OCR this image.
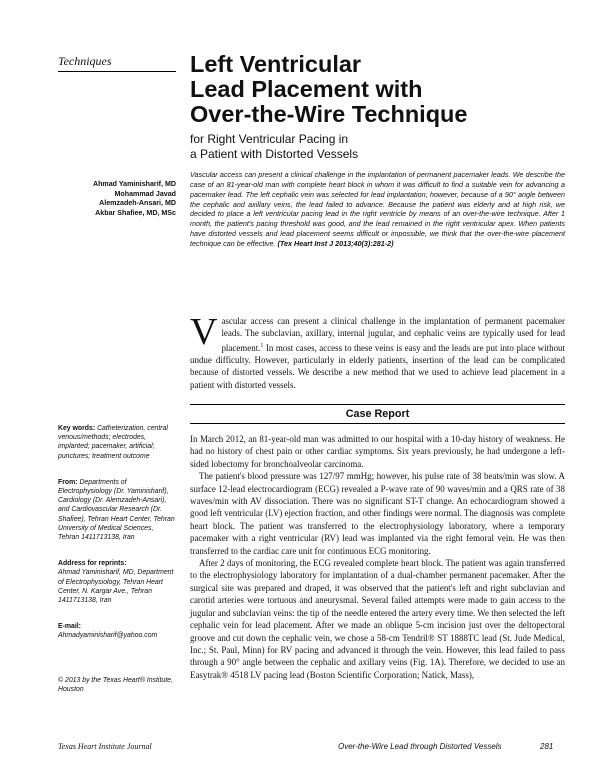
Techniques	Left Ventricular
Lead Placement with
Over-the-Wire Technique
for Right Ventricular Pacing in
a Patient with Distorted Vessels
Ahmad Yaminisharif, MD
Mohammad Javad
Alemzadeh-Ansari, MD
Akbar Shafiee, MD, MSc
Vascular access can present a clinical challenge in the implantation of permanent pacemaker leads. We describe the case of an 81-year-old man with complete heart block in whom it was difficult to find a suitable vein for advancing a pacemaker lead. The left cephalic vein was selected for lead implantation; however, because of a 90° angle between the cephalic and axillary veins, the lead failed to advance. Because the patient was elderly and at high risk, we decided to place a left ventricular pacing lead in the right ventricle by means of an over-the-wire technique. After 1 month, the patient's pacing threshold was good, and the lead remained in the right ventricular apex. When patients have distorted vessels and lead placement seems difficult or impossible, we think that the over-the-wire placement technique can be effective. (Tex Heart Inst J 2013;40(3):281-2)
Vascular access can present a clinical challenge in the implantation of permanent pacemaker leads. The subclavian, axillary, internal jugular, and cephalic veins are typically used for lead placement.$^1$ In most cases, access to these veins is easy and the leads are put into place without undue difficulty. However, particularly in elderly patients, insertion of the lead can be complicated because of distorted vessels. We describe a new method that we used to achieve lead placement in a patient with distorted vessels.
Key words: Catheterization, central venous/methods; electrodes, implanted; pacemaker, artificial; punctures; treatment outcome
From: Departments of Electrophysiology (Dr. Yaminisharif), Cardiology (Dr. Alemzadeh-Ansari), and Cardiovascular Research (Dr. Shafiee), Tehran Heart Center, Tehran University of Medical Sciences, Tehran 1411713138, Iran
Address for reprints:
Ahmad Yaminisharif, MD, Department of Electrophysiology, Tehran Heart Center, N. Kargar Ave., Tehran 1411713138, Iran
E-mail:
Ahmadyaminisharif@yahoo.com
© 2013 by the Texas Heart® Institute, Houston
Case Report

In March 2012, an 81-year-old man was admitted to our hospital with a 10-day history of weakness. He had no history of chest pain or other cardiac symptoms. Six years previously, he had undergone a left-sided lobectomy for bronchoalveolar carcinoma.

The patient's blood pressure was 127/97 mmHg; however, his pulse rate of 38 beats/min was slow. A surface 12-lead electrocardiogram (ECG) revealed a P-wave rate of 90 waves/min and a QRS rate of 38 waves/min with AV dissociation. There was no significant ST-T change. An echocardiogram showed a good left ventricular (LV) ejection fraction, and other findings were normal. The diagnosis was complete heart block. The patient was transferred to the electrophysiology laboratory, where a temporary pacemaker with a right ventricular (RV) lead was implanted via the right femoral vein. He was then transferred to the cardiac care unit for continuous ECG monitoring.

After 2 days of monitoring, the ECG revealed complete heart block. The patient was again transferred to the electrophysiology laboratory for implantation of a dual-chamber permanent pacemaker. After the surgical site was prepared and draped, it was observed that the patient's left and right subclavian and carotid arteries were tortuous and aneurysmal. Several failed attempts were made to gain access to the jugular and subclavian veins: the tip of the needle entered the artery every time. We then selected the left cephalic vein for lead placement. After we made an oblique 5-cm incision just over the deltopectoral groove and cut down the cephalic vein, we chose a 58-cm Tendril® ST 1888TC lead (St. Jude Medical, Inc.; St. Paul, Minn) for RV pacing and advanced it through the vein. However, this lead failed to pass through a 90° angle between the cephalic and axillary veins (Fig. 1A). Therefore, we decided to use an Easytrak® 4518 LV pacing lead (Boston Scientific Corporation; Natick, Mass),

Texas Heart Institute Journal	Over-the-Wire Lead through Distorted Vessels	281
